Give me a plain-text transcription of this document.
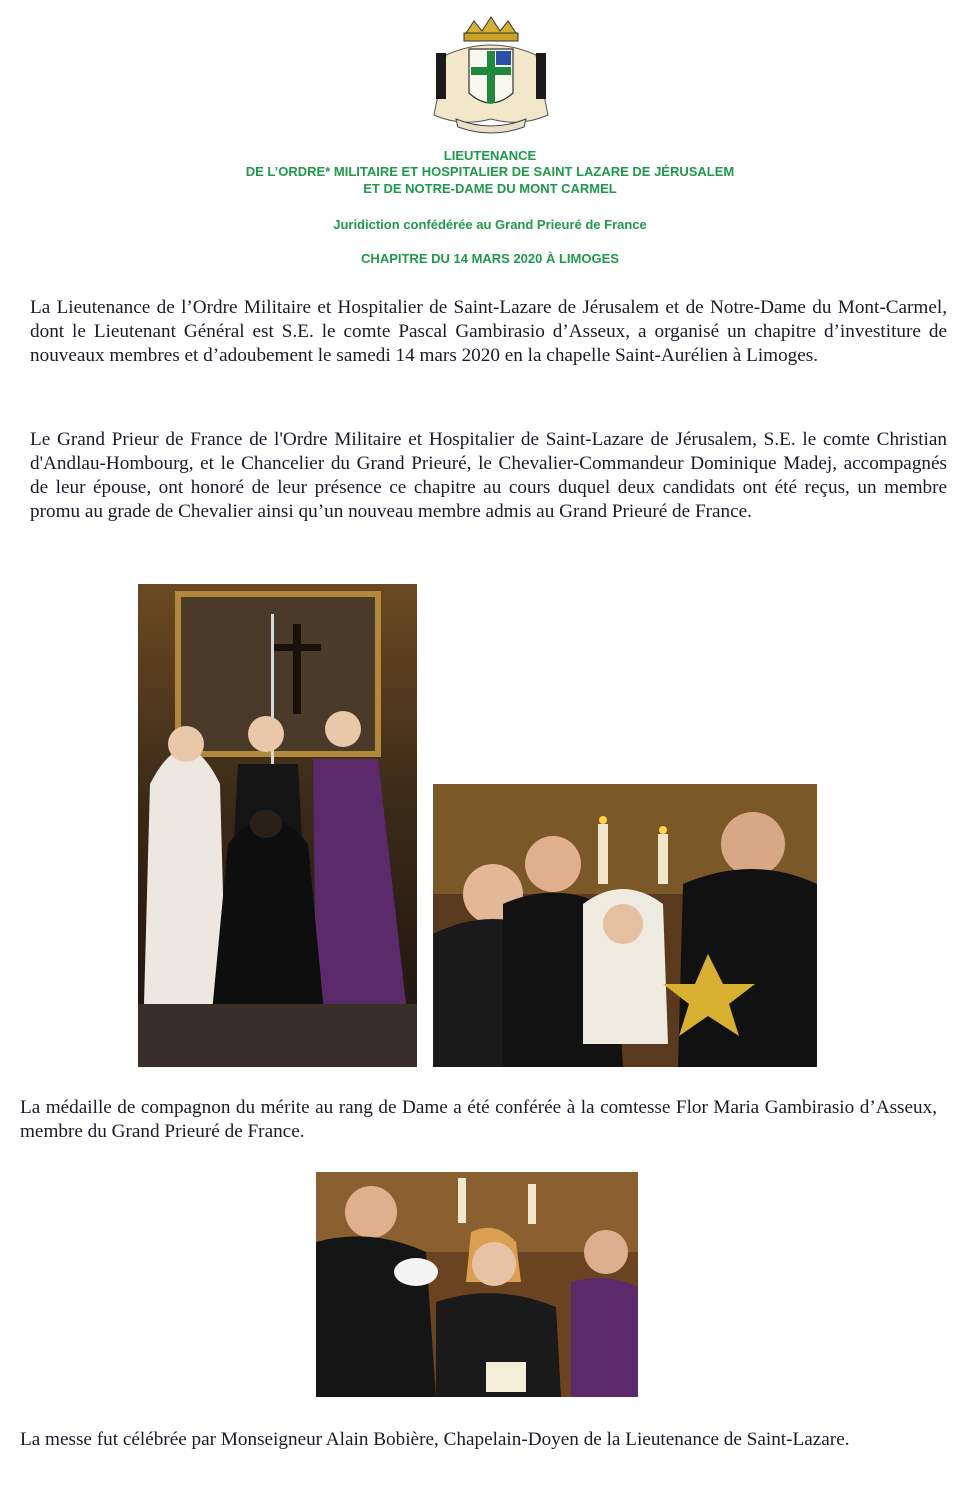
LIEUTENANCE
DE L’ORDRE* MILITAIRE ET HOSPITALIER DE SAINT LAZARE DE JÉRUSALEM
ET DE NOTRE-DAME DU MONT CARMEL
Juridiction confédérée au Grand Prieuré de France
CHAPITRE DU 14 MARS 2020 À LIMOGES
La Lieutenance de l’Ordre Militaire et Hospitalier de Saint-Lazare de Jérusalem et de Notre-Dame du Mont-Carmel, dont le Lieutenant Général est S.E. le comte Pascal Gambirasio d’Asseux, a organisé un chapitre d’investiture de nouveaux membres et d’adoubement le samedi 14 mars 2020 en la chapelle Saint-Aurélien à Limoges.
Le Grand Prieur de France de l'Ordre Militaire et Hospitalier de Saint-Lazare de Jérusalem, S.E. le comte Christian d'Andlau-Hombourg, et le Chancelier du Grand Prieuré, le Chevalier-Commandeur Dominique Madej, accompagnés de leur épouse, ont honoré de leur présence ce chapitre au cours duquel deux candidats ont été reçus, un membre promu au grade de Chevalier ainsi qu’un nouveau membre admis au Grand Prieuré de France.
La médaille de compagnon du mérite au rang de Dame a été conférée à la comtesse Flor Maria Gambirasio d’Asseux, membre du Grand Prieuré de France.
La messe fut célébrée par Monseigneur Alain Bobière, Chapelain-Doyen de la Lieutenance de Saint-Lazare.
